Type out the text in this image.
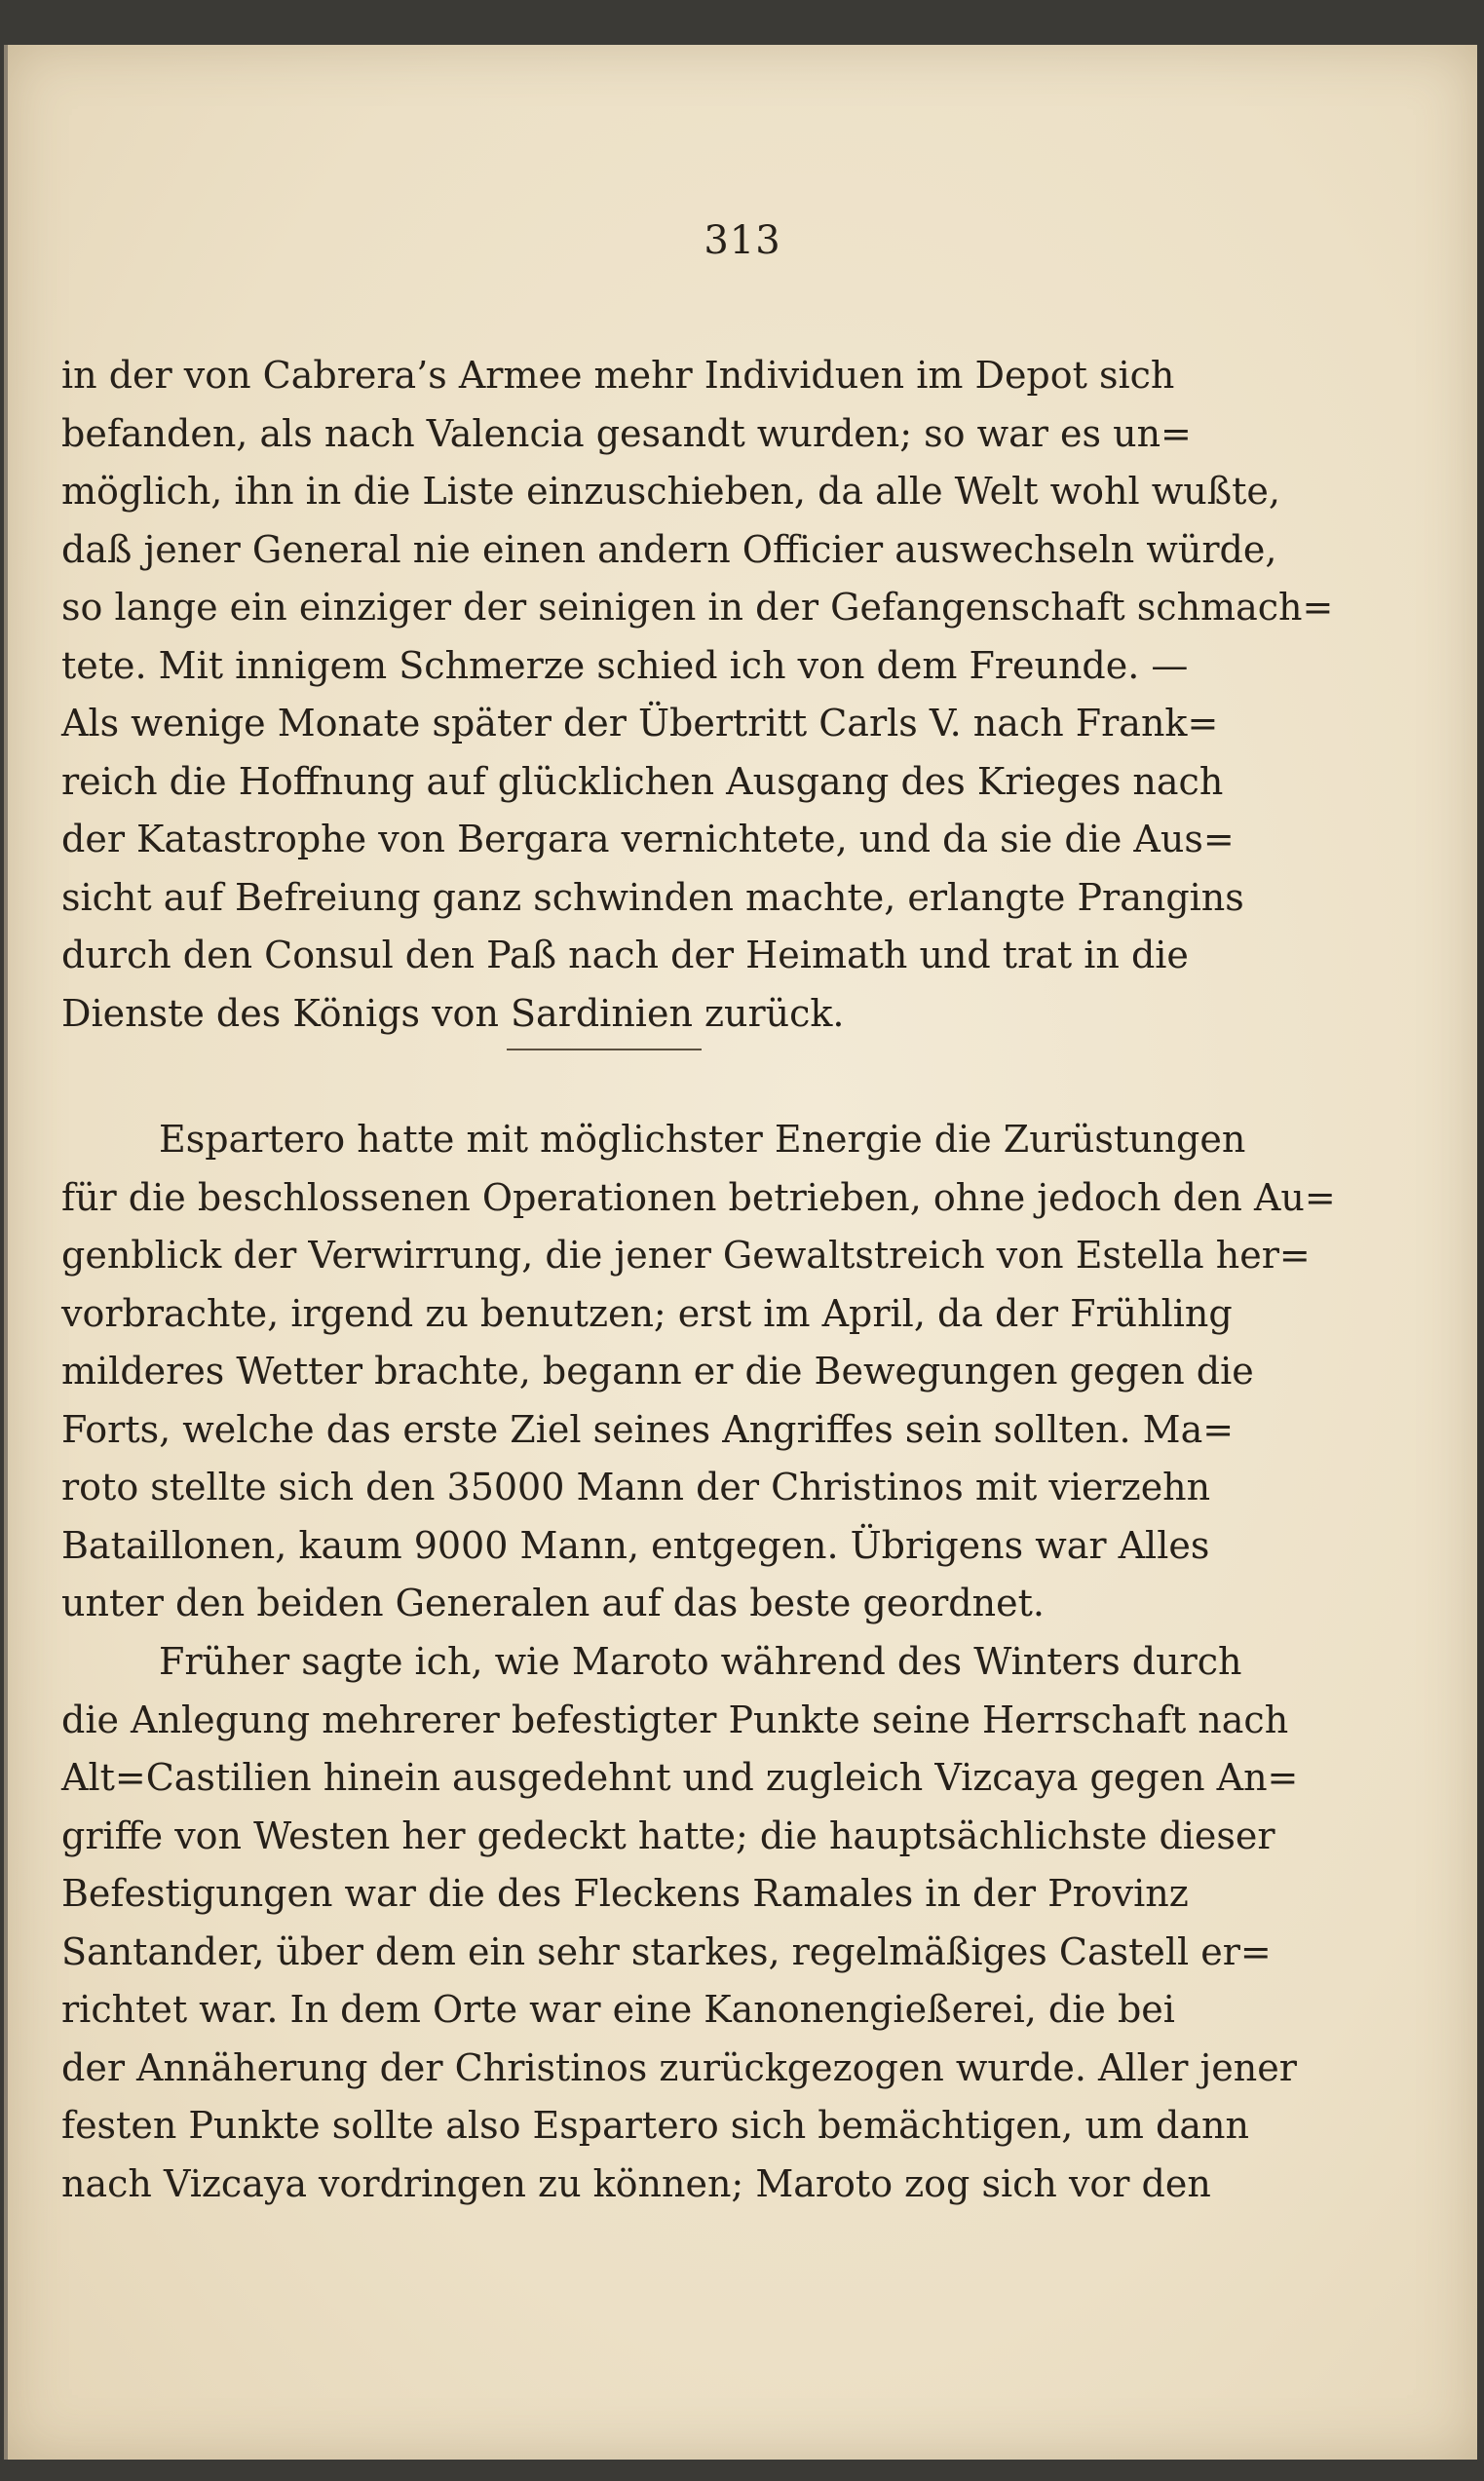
313
in der von Cabrera’s Armee mehr Individuen im Depot sich
befanden, als nach Valencia gesandt wurden; so war es un=
möglich, ihn in die Liste einzuschieben, da alle Welt wohl wußte,
daß jener General nie einen andern Officier auswechseln würde,
so lange ein einziger der seinigen in der Gefangenschaft schmach=
tete. Mit innigem Schmerze schied ich von dem Freunde. —
Als wenige Monate später der Übertritt Carls V. nach Frank=
reich die Hoffnung auf glücklichen Ausgang des Krieges nach
der Katastrophe von Bergara vernichtete, und da sie die Aus=
sicht auf Befreiung ganz schwinden machte, erlangte Prangins
durch den Consul den Paß nach der Heimath und trat in die
Dienste des Königs von Sardinien zurück.
Espartero hatte mit möglichster Energie die Zurüstungen
für die beschlossenen Operationen betrieben, ohne jedoch den Au=
genblick der Verwirrung, die jener Gewaltstreich von Estella her=
vorbrachte, irgend zu benutzen; erst im April, da der Frühling
milderes Wetter brachte, begann er die Bewegungen gegen die
Forts, welche das erste Ziel seines Angriffes sein sollten. Ma=
roto stellte sich den 35000 Mann der Christinos mit vierzehn
Bataillonen, kaum 9000 Mann, entgegen. Übrigens war Alles
unter den beiden Generalen auf das beste geordnet.
Früher sagte ich, wie Maroto während des Winters durch
die Anlegung mehrerer befestigter Punkte seine Herrschaft nach
Alt=Castilien hinein ausgedehnt und zugleich Vizcaya gegen An=
griffe von Westen her gedeckt hatte; die hauptsächlichste dieser
Befestigungen war die des Fleckens Ramales in der Provinz
Santander, über dem ein sehr starkes, regelmäßiges Castell er=
richtet war. In dem Orte war eine Kanonengießerei, die bei
der Annäherung der Christinos zurückgezogen wurde. Aller jener
festen Punkte sollte also Espartero sich bemächtigen, um dann
nach Vizcaya vordringen zu können; Maroto zog sich vor den
